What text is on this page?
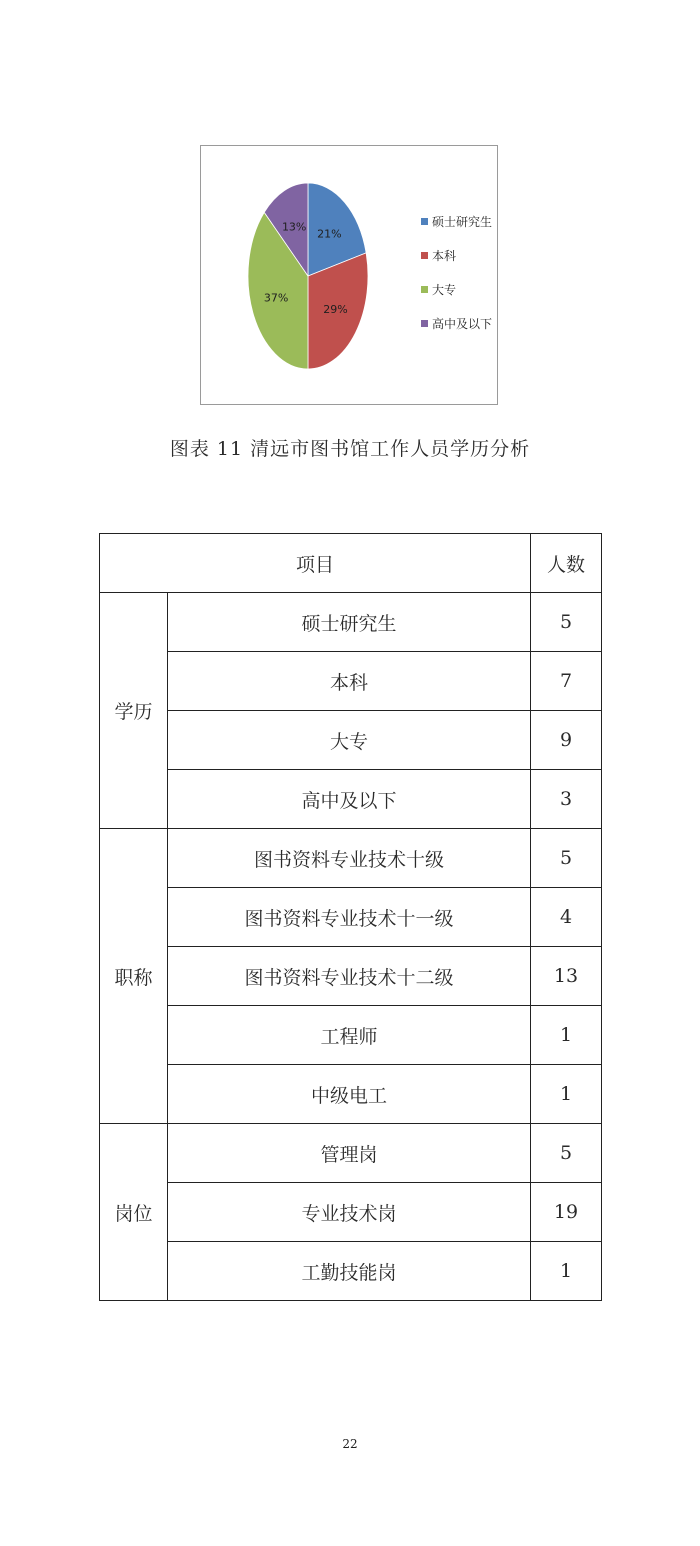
21%
29%
37%
13%	硕士研究生
本科
大专
高中及以下
图表 11 清远市图书馆工作人员学历分析
项目		人数
学历	硕士研究生	5
	本科	7
	大专	9
	高中及以下	3
职称	图书资料专业技术十级	5
	图书资料专业技术十一级	4
	图书资料专业技术十二级	13
	工程师	1
	中级电工	1
岗位	管理岗	5
	专业技术岗	19
	工勤技能岗	1
22
